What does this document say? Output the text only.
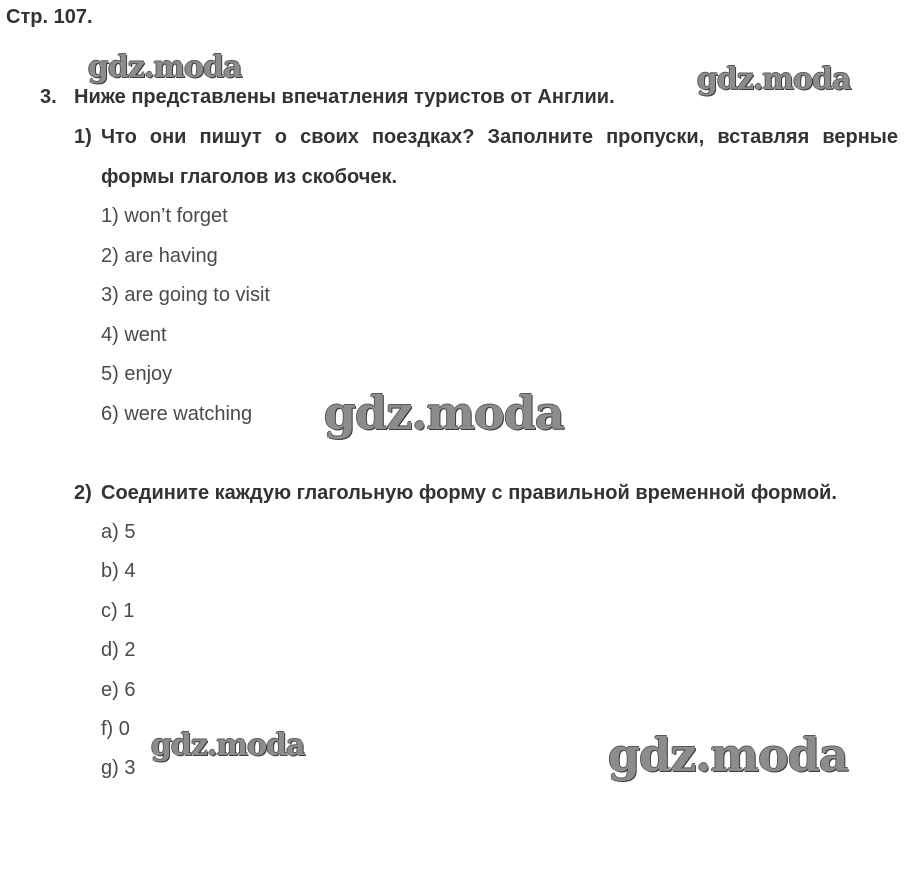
Стр. 107.
3. Ниже представлены впечатления туристов от Англии.
1) Что они пишут о своих поездках? Заполните пропуски, вставляя верные формы глаголов из скобочек.
1) won’t forget
2) are having
3) are going to visit
4) went
5) enjoy
6) were watching
2) Соедините каждую глагольную форму с правильной временной формой.
a) 5
b) 4
c) 1
d) 2
e) 6
f) 0
g) 3
gdz.moda	gdz.moda
gdz.moda
gdz.moda	gdz.moda
